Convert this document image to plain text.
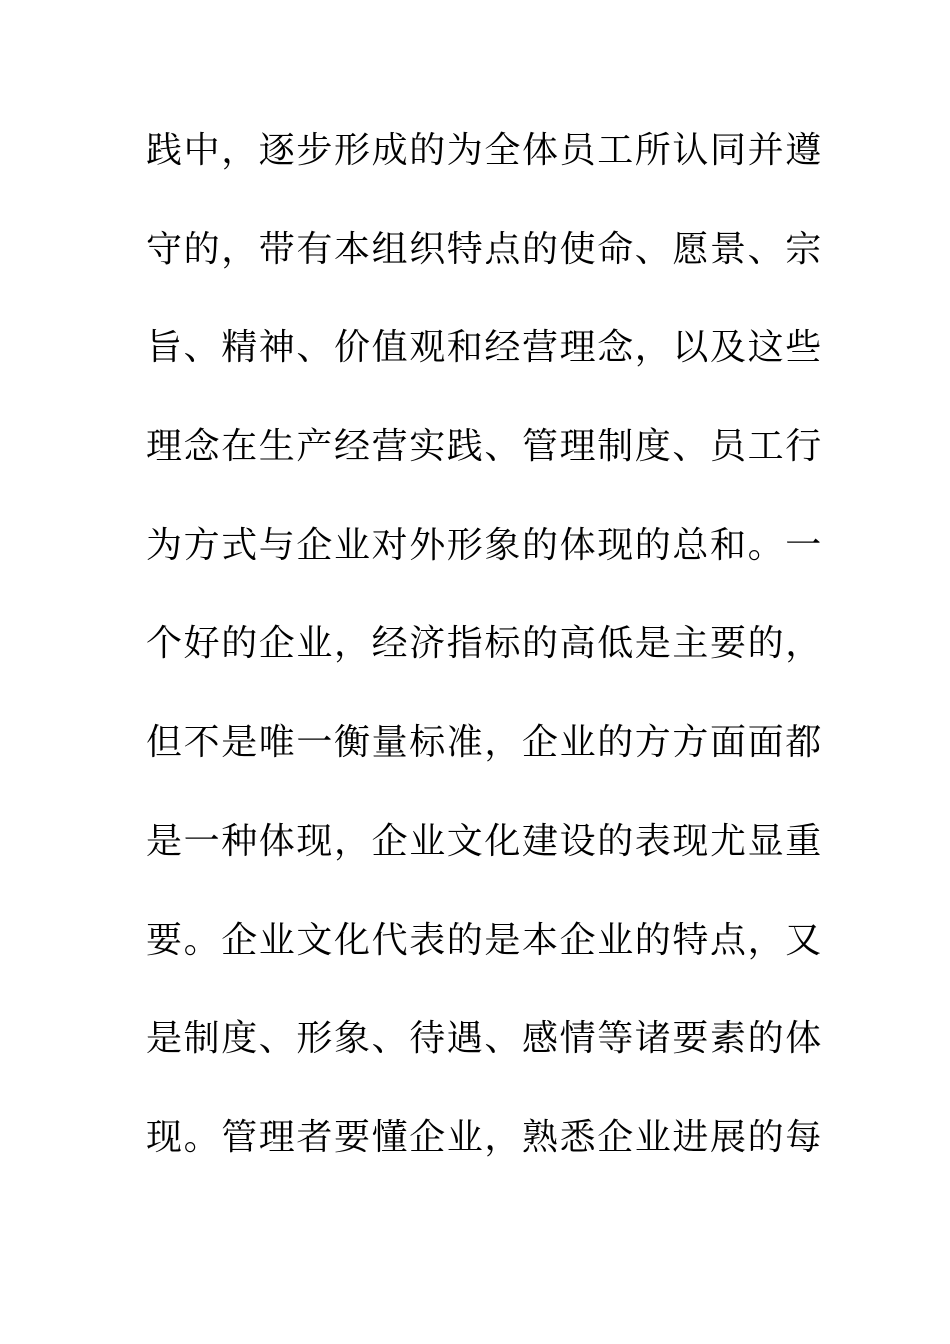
践中，逐步形成的为全体员工所认同并遵
守的，带有本组织特点的使命、愿景、宗
旨、精神、价值观和经营理念，以及这些
理念在生产经营实践、管理制度、员工行
为方式与企业对外形象的体现的总和。一
个好的企业，经济指标的高低是主要的，
但不是唯一衡量标准，企业的方方面面都
是一种体现，企业文化建设的表现尤显重
要。企业文化代表的是本企业的特点，又
是制度、形象、待遇、感情等诸要素的体
现。管理者要懂企业，熟悉企业进展的每
